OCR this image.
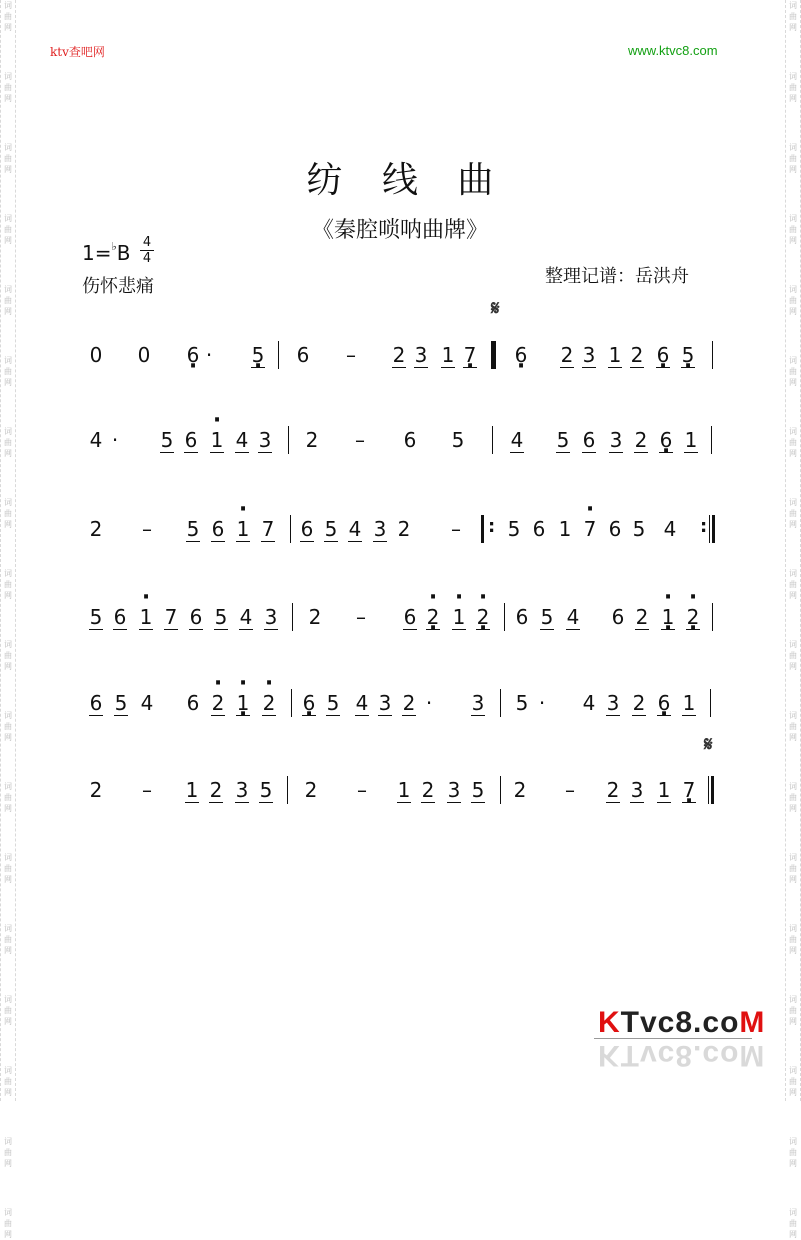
词
曲
网
词
曲
网
词
曲
网
词
曲
网
词
曲
网
词
曲
网
词
曲
网
词
曲
网
词
曲
网
词
曲
网
词
曲
网
词
曲
网
词
曲
网
词
曲
网
词
曲
网
词
曲
网
词
曲
网
词
曲
网
词
曲
网
词
曲
网
词
曲
网
词
曲
网
词
曲
网
词
曲
网
词
曲
网
词
曲
网
词
曲
网
词
曲
网
词
曲
网
词
曲
网
词
曲
网
词
曲
网
词
曲
网
词
曲
网
词
曲
网
词
曲
网
ktv查吧网	www.ktvc8.com
纺 线 曲
《秦腔唢呐曲牌》
1=♭B 4
4
伤怀悲痛	整理记谱：岳洪舟
𝄋
𝄋
0 0 6 · · 5 · 6 – 2 3 1 7 · 6 · 2 3 1 2 6 · 5 ·
4 · 5 6 · 1 4 3 2 – 6 5 4 5 6 3 2 6 · 1
2 – 5 6 · 1 7 6 5 4 3 2 – 5 6 1 · 7 6 5 4
5 6 · 1 7 6 5 4 3 2 – 6 · 2 · · 1 · 2 · 6 5 4 6 2 · 1 · · 2 ·
6 5 4 6 · 2 · 1 · · 2 6 · 5 4 3 2 · 3 5 · 4 3 2 6 · 1
2 – 1 2 3 5 2 – 1 2 3 5 2 – 2 3 1 7 ·
:	:
KTvc8.coM
KTvc8.coM
